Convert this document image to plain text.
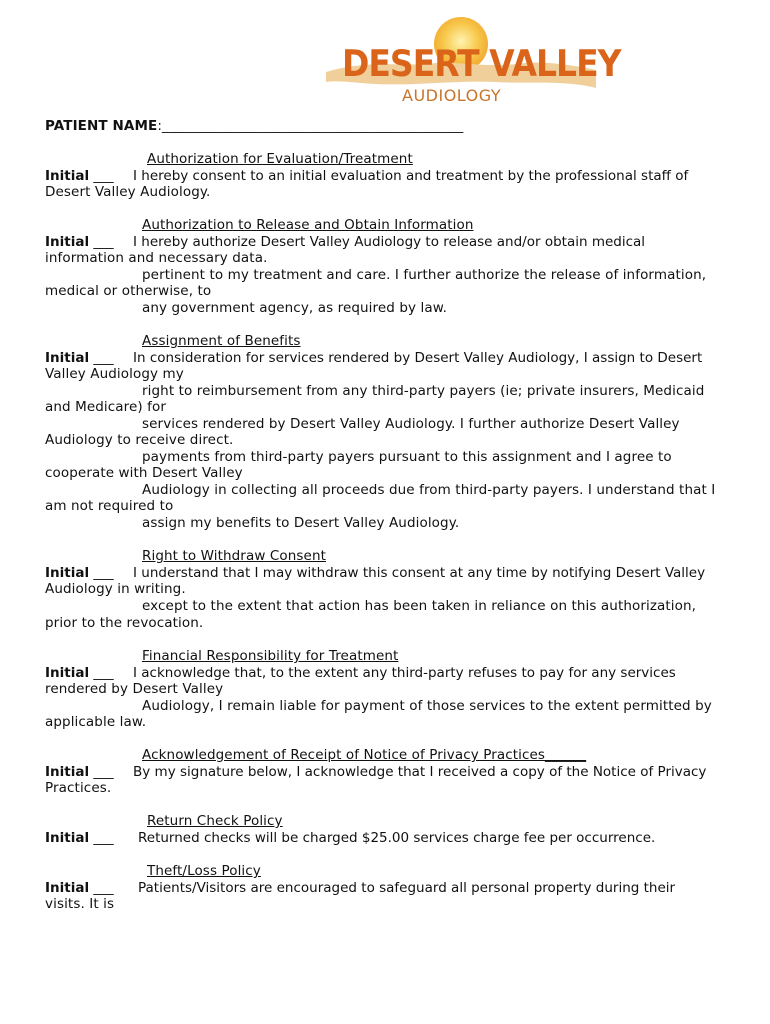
DESERT VALLEY
AUDIOLOGY
PATIENT NAME:____________________________________________
Authorization for Evaluation/Treatment
Initial ___ I hereby consent to an initial evaluation and treatment by the professional staff of
Desert Valley Audiology.
Authorization to Release and Obtain Information
Initial ___ I hereby authorize Desert Valley Audiology to release and/or obtain medical
information and necessary data.
pertinent to my treatment and care. I further authorize the release of information,
medical or otherwise, to
any government agency, as required by law.
Assignment of Benefits
Initial ___ In consideration for services rendered by Desert Valley Audiology, I assign to Desert
Valley Audiology my
right to reimbursement from any third-party payers (ie; private insurers, Medicaid
and Medicare) for
services rendered by Desert Valley Audiology. I further authorize Desert Valley
Audiology to receive direct.
payments from third-party payers pursuant to this assignment and I agree to
cooperate with Desert Valley
Audiology in collecting all proceeds due from third-party payers. I understand that I
am not required to
assign my benefits to Desert Valley Audiology.
Right to Withdraw Consent
Initial ___ I understand that I may withdraw this consent at any time by notifying Desert Valley
Audiology in writing.
except to the extent that action has been taken in reliance on this authorization,
prior to the revocation.
Financial Responsibility for Treatment
Initial ___ I acknowledge that, to the extent any third-party refuses to pay for any services
rendered by Desert Valley
Audiology, I remain liable for payment of those services to the extent permitted by
applicable law.
Acknowledgement of Receipt of Notice of Privacy Practices______
Initial ___ By my signature below, I acknowledge that I received a copy of the Notice of Privacy
Practices.
Return Check Policy
Initial ___ Returned checks will be charged $25.00 services charge fee per occurrence.
Theft/Loss Policy
Initial ___ Patients/Visitors are encouraged to safeguard all personal property during their
visits. It is
